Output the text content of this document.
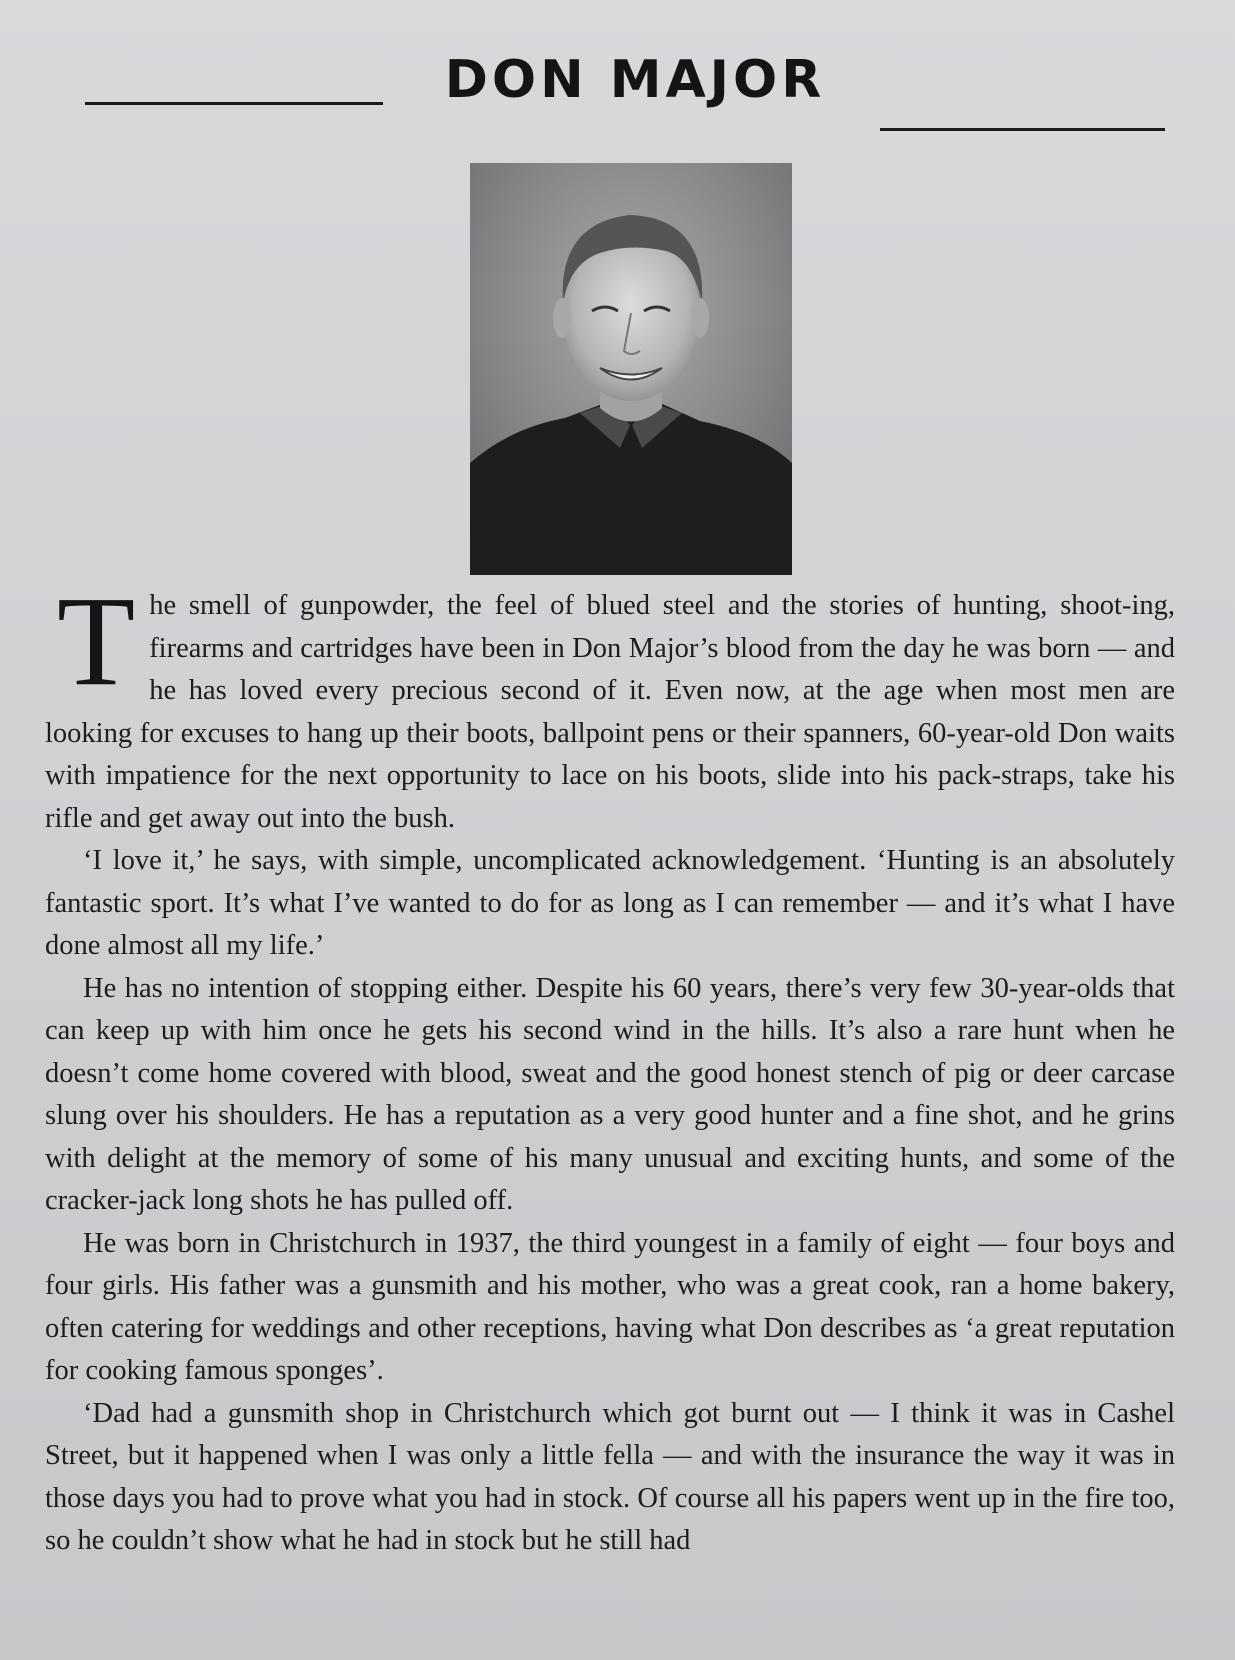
DON MAJOR

The smell of gunpowder, the feel of blued steel and the stories of hunting, shoot-ing, firearms and cartridges have been in Don Major’s blood from the day he was born — and he has loved every precious second of it. Even now, at the age when most men are looking for excuses to hang up their boots, ballpoint pens or their spanners, 60-year-old Don waits with impatience for the next opportunity to lace on his boots, slide into his pack-straps, take his rifle and get away out into the bush.

‘I love it,’ he says, with simple, uncomplicated acknowledgement. ‘Hunting is an absolutely fantastic sport. It’s what I’ve wanted to do for as long as I can remember — and it’s what I have done almost all my life.’

He has no intention of stopping either. Despite his 60 years, there’s very few 30-year-olds that can keep up with him once he gets his second wind in the hills. It’s also a rare hunt when he doesn’t come home covered with blood, sweat and the good honest stench of pig or deer carcase slung over his shoulders. He has a reputation as a very good hunter and a fine shot, and he grins with delight at the memory of some of his many unusual and exciting hunts, and some of the cracker-jack long shots he has pulled off.

He was born in Christchurch in 1937, the third youngest in a family of eight — four boys and four girls. His father was a gunsmith and his mother, who was a great cook, ran a home bakery, often catering for weddings and other receptions, having what Don describes as ‘a great reputation for cooking famous sponges’.

‘Dad had a gunsmith shop in Christchurch which got burnt out — I think it was in Cashel Street, but it happened when I was only a little fella — and with the insurance the way it was in those days you had to prove what you had in stock. Of course all his papers went up in the fire too, so he couldn’t show what he had in stock but he still had
